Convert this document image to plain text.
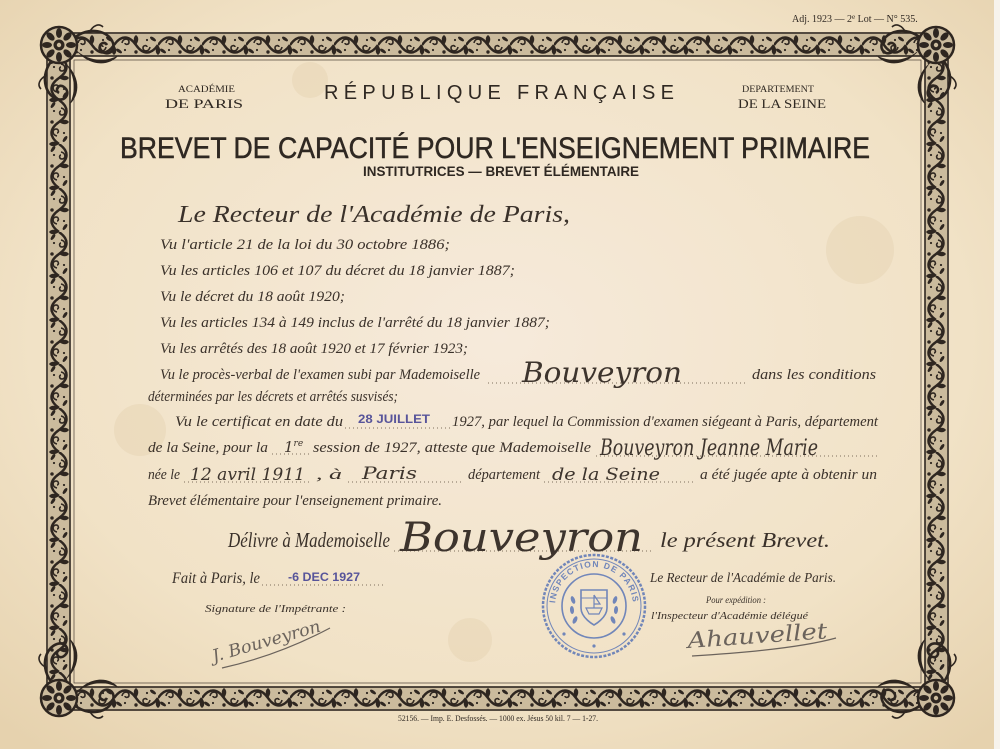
Adj. 1923 — 2e Lot — N° 535.
ACADÉMIE
DE PARIS	RÉPUBLIQUE FRANÇAISE	DEPARTEMENT
DE LA SEINE
BREVET DE CAPACITÉ POUR L'ENSEIGNEMENT PRIMAIRE
INSTITUTRICES — BREVET ÉLÉMENTAIRE
Le Recteur de l'Académie de Paris,
Vu l'article 21 de la loi du 30 octobre 1886;
Vu les articles 106 et 107 du décret du 18 janvier 1887;
Vu le décret du 18 août 1920;
Vu les articles 134 à 149 inclus de l'arrêté du 18 janvier 1887;
Vu les arrêtés des 18 août 1920 et 17 février 1923;
Vu le procès-verbal de l'examen subi par Mademoiselle Bouveyron	dans les conditions
déterminées par les décrets et arrêtés susvisés;
Vu le certificat en date du 28 JUILLET 1927, par lequel la Commission d'examen siégeant à Paris, département
de la Seine, pour la 1re session de 1927, atteste que Mademoiselle Bouveyron Jeanne Marie
née le 12 avril 1911 , à Paris	département de la Seine	a été jugée apte à obtenir un
Brevet élémentaire pour l'enseignement primaire.
Délivre à Mademoiselle Bouveyron le présent Brevet.
Fait à Paris, le -6 DEC 1927
Signature de l'Impétrante :
J. Bouveyron
INSPECTION DE PARIS
Le Recteur de l'Académie de Paris.
Pour expédition :
l'Inspecteur d'Académie délégué
Ahauvellet
52156. — Imp. E. Desfossés. — 1000 ex. Jésus 50 kil. 7 — 1-27.
